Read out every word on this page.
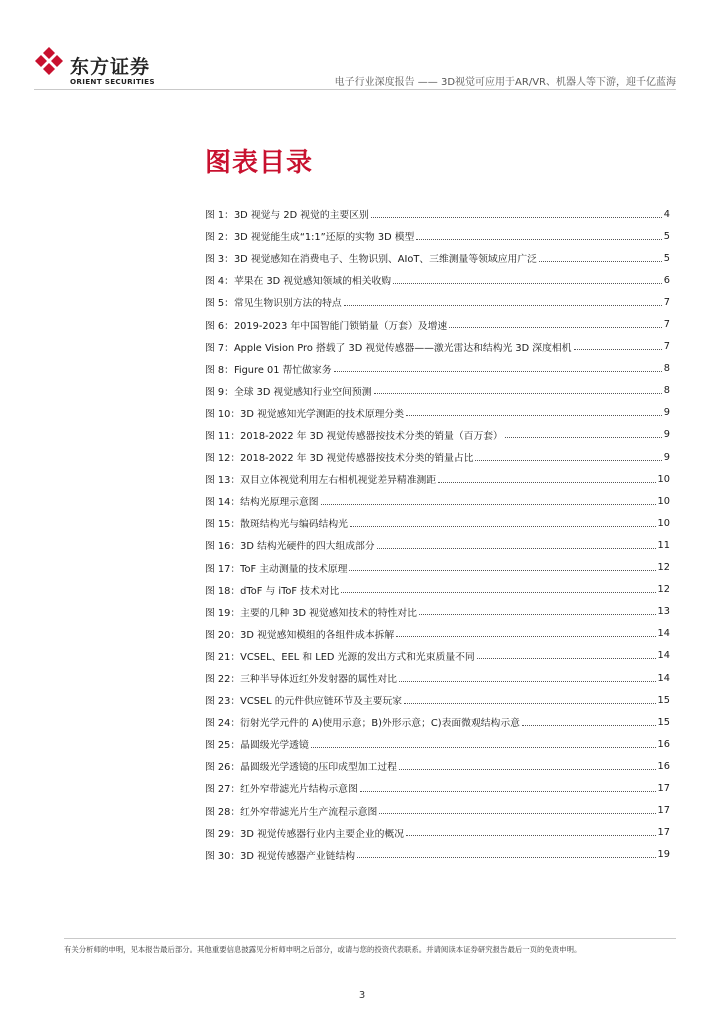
东方证券
ORIENT SECURITIES	电子行业深度报告 —— 3D视觉可应用于AR/VR、机器人等下游，迎千亿蓝海
图表目录
图 1：3D 视觉与 2D 视觉的主要区别	4
图 2：3D 视觉能生成“1:1”还原的实物 3D 模型	5
图 3：3D 视觉感知在消费电子、生物识别、AIoT、三维测量等领域应用广泛	5
图 4：苹果在 3D 视觉感知领域的相关收购	6
图 5：常见生物识别方法的特点	7
图 6：2019-2023 年中国智能门锁销量（万套）及增速	7
图 7：Apple Vision Pro 搭载了 3D 视觉传感器——激光雷达和结构光 3D 深度相机	7
图 8：Figure 01 帮忙做家务	8
图 9：全球 3D 视觉感知行业空间预测	8
图 10：3D 视觉感知光学测距的技术原理分类	9
图 11：2018-2022 年 3D 视觉传感器按技术分类的销量（百万套）	9
图 12：2018-2022 年 3D 视觉传感器按技术分类的销量占比	9
图 13：双目立体视觉利用左右相机视觉差异精准测距	10
图 14：结构光原理示意图	10
图 15：散斑结构光与编码结构光	10
图 16：3D 结构光硬件的四大组成部分	11
图 17：ToF 主动测量的技术原理	12
图 18：dToF 与 iToF 技术对比	12
图 19：主要的几种 3D 视觉感知技术的特性对比	13
图 20：3D 视觉感知模组的各组件成本拆解	14
图 21：VCSEL、EEL 和 LED 光源的发出方式和光束质量不同	14
图 22：三种半导体近红外发射器的属性对比	14
图 23：VCSEL 的元件供应链环节及主要玩家	15
图 24：衍射光学元件的 A)使用示意；B)外形示意；C)表面微观结构示意	15
图 25：晶圆级光学透镜	16
图 26：晶圆级光学透镜的压印成型加工过程	16
图 27：红外窄带滤光片结构示意图	17
图 28：红外窄带滤光片生产流程示意图	17
图 29：3D 视觉传感器行业内主要企业的概况	17
图 30：3D 视觉传感器产业链结构	19
有关分析师的申明，见本报告最后部分。其他重要信息披露见分析师申明之后部分，或请与您的投资代表联系。并请阅读本证券研究报告最后一页的免责申明。
3
